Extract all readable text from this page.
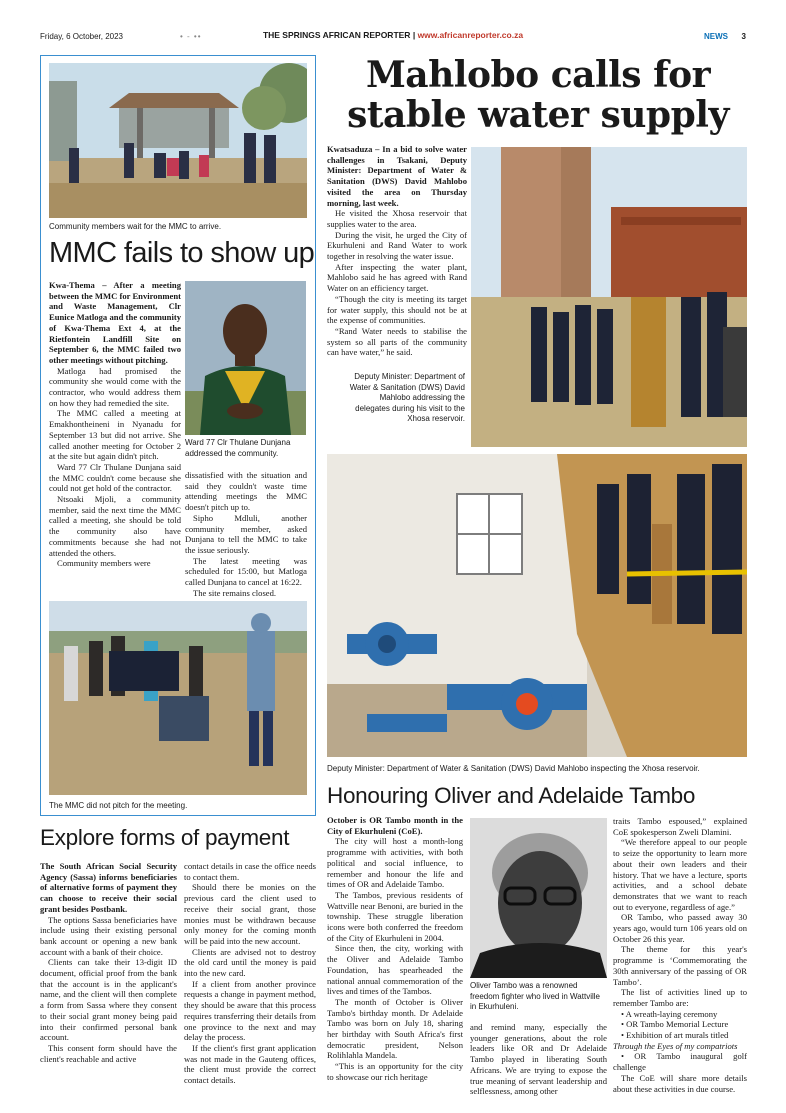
Friday, 6 October, 2023	• - ••	THE SPRINGS AFRICAN REPORTER | www.africanreporter.co.za	NEWS 3
Community members wait for the MMC to arrive.
MMC fails to show up

Kwa-Thema – After a meeting between the MMC for Environment and Waste Management, Clr Eunice Matloga and the community of Kwa-Thema Ext 4, at the Rietfontein Landfill Site on September 6, the MMC failed two other meetings without pitching.

Matloga had promised the community she would come with the contractor, who would address them on how they had remedied the site.

The MMC called a meeting at Emakhontheineni in Nyanadu for September 13 but did not arrive. She called another meeting for October 2 at the site but again didn't pitch.

Ward 77 Clr Thulane Dunjana said the MMC couldn't come because she could not get hold of the contractor.

Ntsoaki Mjoli, a community member, said the next time the MMC called a meeting, she should be told the community also have commitments because she had not attended the others.

Community members were

Ward 77 Clr Thulane Dunjana addressed the community.

dissatisfied with the situation and said they couldn't waste time attending meetings the MMC doesn't pitch up to.

Sipho Mdluli, another community member, asked Dunjana to tell the MMC to take the issue seriously.

The latest meeting was scheduled for 15:00, but Matloga called Dunjana to cancel at 16:22.

The site remains closed.

The MMC did not pitch for the meeting.
Mahlobo calls for stable water supply

Kwatsaduza – In a bid to solve water challenges in Tsakani, Deputy Minister: Department of Water & Sanitation (DWS) David Mahlobo visited the area on Thursday morning, last week.

He visited the Xhosa reservoir that supplies water to the area.

During the visit, he urged the City of Ekurhuleni and Rand Water to work together in resolving the water issue.

After inspecting the water plant, Mahlobo said he has agreed with Rand Water on an efficiency target.

“Though the city is meeting its target for water supply, this should not be at the expense of communities.

“Rand Water needs to stabilise the system so all parts of the community can have water,” he said.

Deputy Minister: Department of Water & Sanitation (DWS) David Mahlobo addressing the delegates during his visit to the Xhosa reservoir.
Deputy Minister: Department of Water & Sanitation (DWS) David Mahlobo inspecting the Xhosa reservoir.
Explore forms of payment

The South African Social Security Agency (Sassa) informs beneficiaries of alternative forms of payment they can choose to receive their social grant besides Postbank.

The options Sassa beneficiaries have include using their existing personal bank account or opening a new bank account with a bank of their choice.

Clients can take their 13-digit ID document, official proof from the bank that the account is in the applicant's name, and the client will then complete a form from Sassa where they consent to their social grant money being paid into their confirmed personal bank account.

This consent form should have the client's reachable and active

contact details in case the office needs to contact them.

Should there be monies on the previous card the client used to receive their social grant, those monies must be withdrawn because only money for the coming month will be paid into the new account.

Clients are advised not to destroy the old card until the money is paid into the new card.

If a client from another province requests a change in payment method, they should be aware that this process requires transferring their details from one province to the next and may delay the process.

If the client's first grant application was not made in the Gauteng offices, the client must provide the correct contact details.

Honouring Oliver and Adelaide Tambo

October is OR Tambo month in the City of Ekurhuleni (CoE).

The city will host a month-long programme with activities, with both political and social influence, to remember and honour the life and times of OR and Adelaide Tambo.

The Tambos, previous residents of Wattville near Benoni, are buried in the township. These struggle liberation icons were both conferred the freedom of the City of Ekurhuleni in 2004.

Since then, the city, working with the Oliver and Adelaide Tambo Foundation, has spearheaded the national annual commemoration of the lives and times of the Tambos.

The month of October is Oliver Tambo's birthday month. Dr Adelaide Tambo was born on July 18, sharing her birthday with South Africa's first democratic president, Nelson Rolihlahla Mandela.

“This is an opportunity for the city to showcase our rich heritage

Oliver Tambo was a renowned freedom fighter who lived in Wattville in Ekurhuleni.

and remind many, especially the younger generations, about the role leaders like OR and Dr Adelaide Tambo played in liberating South Africans. We are trying to expose the true meaning of servant leadership and selflessness, among other

traits Tambo espoused,” explained CoE spokesperson Zweli Dlamini.

“We therefore appeal to our people to seize the opportunity to learn more about their own leaders and their history. That we have a lecture, sports activities, and a school debate demonstrates that we want to reach out to everyone, regardless of age.”

OR Tambo, who passed away 30 years ago, would turn 106 years old on October 26 this year.

The theme for this year's programme is ‘Commemorating the 30th anniversary of the passing of OR Tambo’.

The list of activities lined up to remember Tambo are:

• A wreath-laying ceremony

• OR Tambo Memorial Lecture

• Exhibition of art murals titled

Through the Eyes of my compatriots

• OR Tambo inaugural golf challenge

The CoE will share more details about these activities in due course.
